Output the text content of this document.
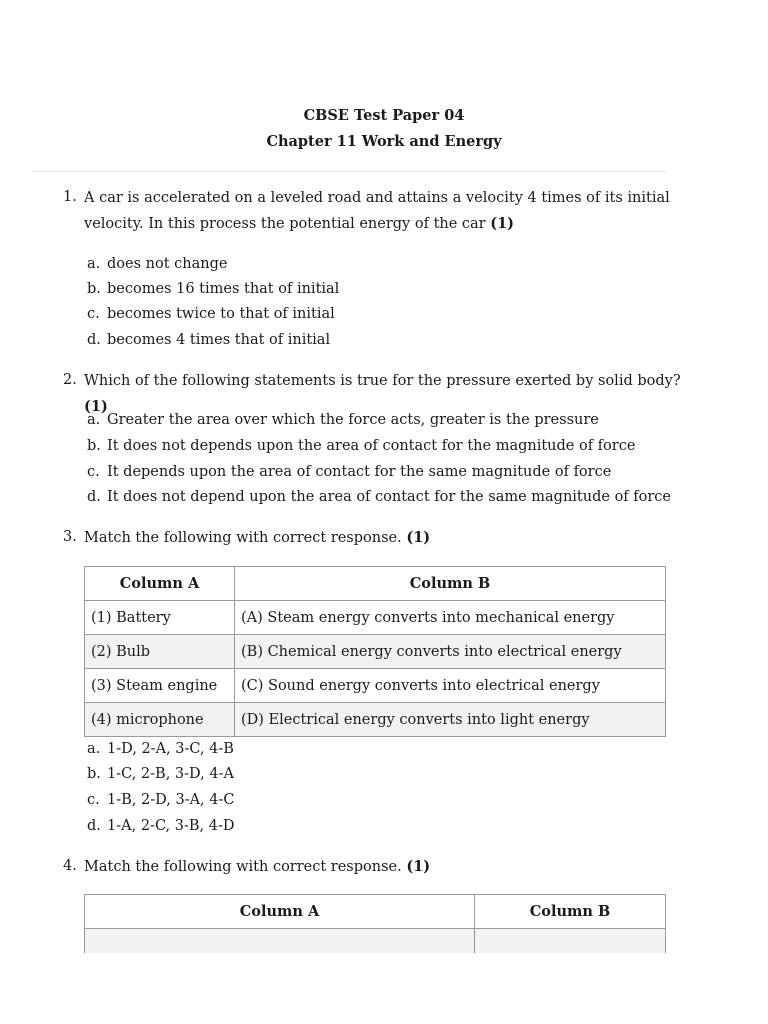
CBSE Test Paper 04
Chapter 11 Work and Energy
1. A car is accelerated on a leveled road and attains a velocity 4 times of its initial velocity. In this process the potential energy of the car (1)
a. does not change
b. becomes 16 times that of initial
c. becomes twice to that of initial
d. becomes 4 times that of initial
2. Which of the following statements is true for the pressure exerted by solid body? (1)
a. Greater the area over which the force acts, greater is the pressure
b. It does not depends upon the area of contact for the magnitude of force
c. It depends upon the area of contact for the same magnitude of force
d. It does not depend upon the area of contact for the same magnitude of force
3. Match the following with correct response. (1)
Column A	Column B
(1) Battery	(A) Steam energy converts into mechanical energy
(2) Bulb	(B) Chemical energy converts into electrical energy
(3) Steam engine	(C) Sound energy converts into electrical energy
(4) microphone	(D) Electrical energy converts into light energy
a. 1-D, 2-A, 3-C, 4-B
b. 1-C, 2-B, 3-D, 4-A
c. 1-B, 2-D, 3-A, 4-C
d. 1-A, 2-C, 3-B, 4-D
4. Match the following with correct response. (1)
Column A	Column B
